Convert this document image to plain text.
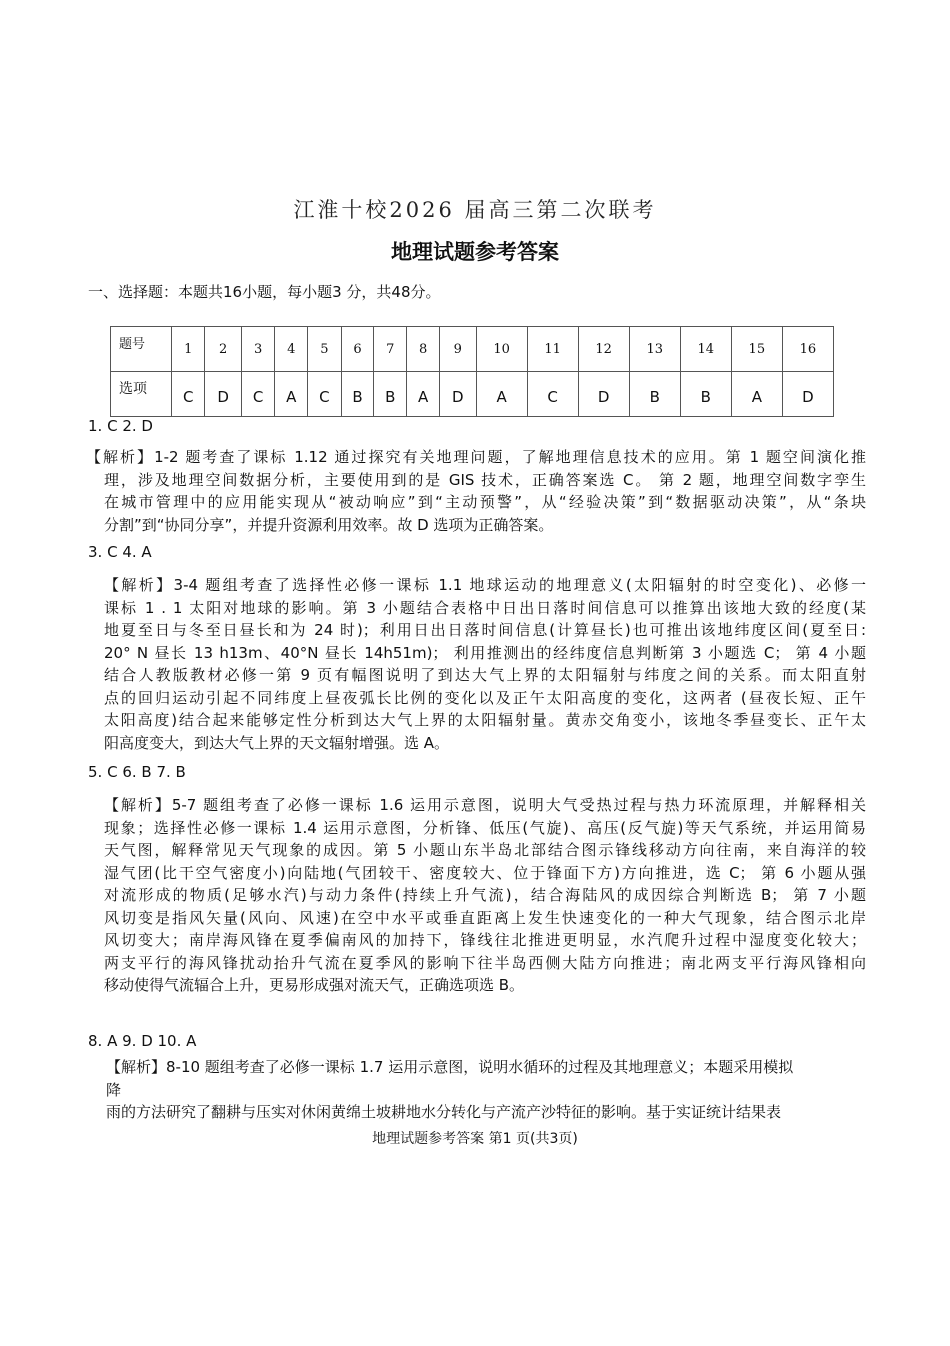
江淮十校2026 届高三第二次联考
地理试题参考答案
一、选择题：本题共16小题，每小题3 分，共48分。
题号	1	2	3	4	5	6	7	8	9	10	11	12	13	14	15	16
选项	C	D	C	A	C	B	B	A	D	A	C	D	B	B	A	D
1. C 2. D
【解析】1-2 题考查了课标 1.12 通过探究有关地理问题，了解地理信息技术的应用。第 1 题空间演化推
理，涉及地理空间数据分析，主要使用到的是 GIS 技术，正确答案选 C。 第 2 题，地理空间数字孪生
在城市管理中的应用能实现从“被动响应”到“主动预警”，从“经验决策”到“数据驱动决策”，从“条块
分割”到“协同分享”，并提升资源利用效率。故 D 选项为正确答案。
3. C 4. A
【解析】3-4 题组考查了选择性必修一课标 1.1 地球运动的地理意义(太阳辐射的时空变化)、必修一
课标 1 . 1 太阳对地球的影响。第 3 小题结合表格中日出日落时间信息可以推算出该地大致的经度(某
地夏至日与冬至日昼长和为 24 时)；利用日出日落时间信息(计算昼长)也可推出该地纬度区间(夏至日:
20° N 昼长 13 h13m、40°N 昼长 14h51m)； 利用推测出的经纬度信息判断第 3 小题选 C； 第 4 小题
结合人教版教材必修一第 9 页有幅图说明了到达大气上界的太阳辐射与纬度之间的关系。而太阳直射
点的回归运动引起不同纬度上昼夜弧长比例的变化以及正午太阳高度的变化，这两者 (昼夜长短、正午
太阳高度)结合起来能够定性分析到达大气上界的太阳辐射量。黄赤交角变小，该地冬季昼变长、正午太
阳高度变大，到达大气上界的天文辐射增强。选 A。
5. C 6. B 7. B
【解析】5-7 题组考查了必修一课标 1.6 运用示意图，说明大气受热过程与热力环流原理，并解释相关
现象；选择性必修一课标 1.4 运用示意图，分析锋、低压(气旋)、高压(反气旋)等天气系统，并运用简易
天气图，解释常见天气现象的成因。第 5 小题山东半岛北部结合图示锋线移动方向往南，来自海洋的较
湿气团(比干空气密度小)向陆地(气团较干、密度较大、位于锋面下方)方向推进，选 C； 第 6 小题从强
对流形成的物质(足够水汽)与动力条件(持续上升气流)，结合海陆风的成因综合判断选 B； 第 7 小题
风切变是指风矢量(风向、风速)在空中水平或垂直距离上发生快速变化的一种大气现象，结合图示北岸
风切变大；南岸海风锋在夏季偏南风的加持下，锋线往北推进更明显，水汽爬升过程中湿度变化较大；
两支平行的海风锋扰动抬升气流在夏季风的影响下往半岛西侧大陆方向推进；南北两支平行海风锋相向
移动使得气流辐合上升，更易形成强对流天气，正确选项选 B。
8. A 9. D 10. A
【解析】8-10 题组考查了必修一课标 1.7 运用示意图，说明水循环的过程及其地理意义；本题采用模拟
降
雨的方法研究了翻耕与压实对休闲黄绵土坡耕地水分转化与产流产沙特征的影响。基于实证统计结果表
地理试题参考答案 第1 页(共3页)
